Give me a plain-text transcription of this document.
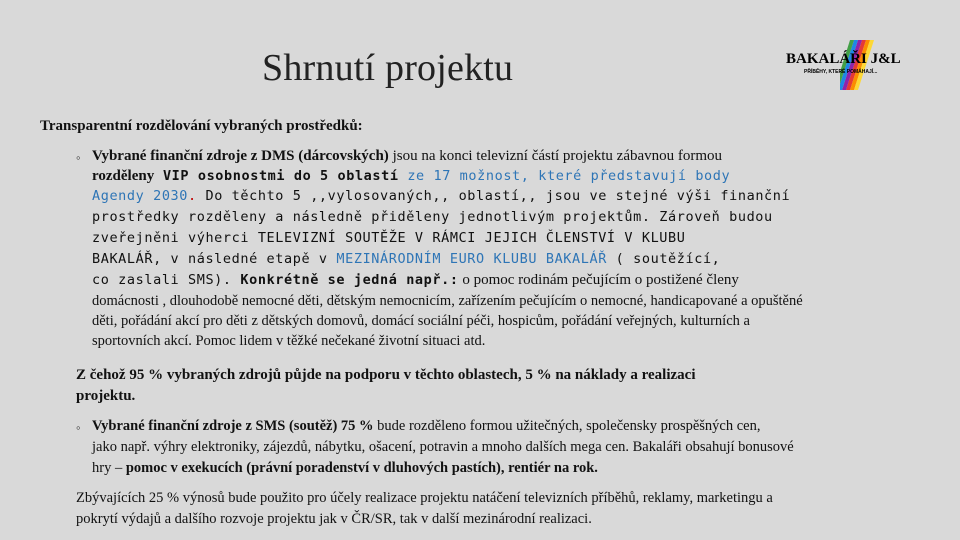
Shrnutí projektu	BAKALÁŘI J&L
PŘÍBĚHY, KTERÉ POMÁHAJÍ...
Transparentní rozdělování vybraných prostředků:
◦ Vybrané finanční zdroje z DMS (dárcovských) jsou na konci televizní částí projektu zábavnou formou
rozděleny VIP osobnostmi do 5 oblastí ze 17 možnost, které představují body
Agendy 2030. Do těchto 5 ,,vylosovaných,, oblastí,, jsou ve stejné výši finanční
prostředky rozděleny a následně přiděleny jednotlivým projektům. Zároveň budou
zveřejněni výherci TELEVIZNÍ SOUTĚŽE V RÁMCI JEJICH ČLENSTVÍ V KLUBU
BAKALÁŘ, v následné etapě v MEZINÁRODNÍM EURO KLUBU BAKALÁŘ ( soutěžící,
co zaslali SMS). Konkrétně se jedná např.: o pomoc rodinám pečujícím o postižené členy
domácnosti , dlouhodobě nemocné děti, dětským nemocnicím, zařízením pečujícím o nemocné, handicapované a opuštěné
děti, pořádání akcí pro děti z dětských domovů, domácí sociální péči, hospicům, pořádání veřejných, kulturních a
sportovních akcí. Pomoc lidem v těžké nečekané životní situaci atd.
Z čehož 95 % vybraných zdrojů půjde na podporu v těchto oblastech, 5 % na náklady a realizaci
projektu.
◦ Vybrané finanční zdroje z SMS (soutěž) 75 % bude rozděleno formou užitečných, společensky prospěšných cen,
jako např. výhry elektroniky, zájezdů, nábytku, ošacení, potravin a mnoho dalších mega cen. Bakaláři obsahují bonusové
hry – pomoc v exekucích (právní poradenství v dluhových pastích), rentiér na rok.
Zbývajících 25 % výnosů bude použito pro účely realizace projektu natáčení televizních příběhů, reklamy, marketingu a
pokrytí výdajů a dalšího rozvoje projektu jak v ČR/SR, tak v další mezinárodní realizaci.
